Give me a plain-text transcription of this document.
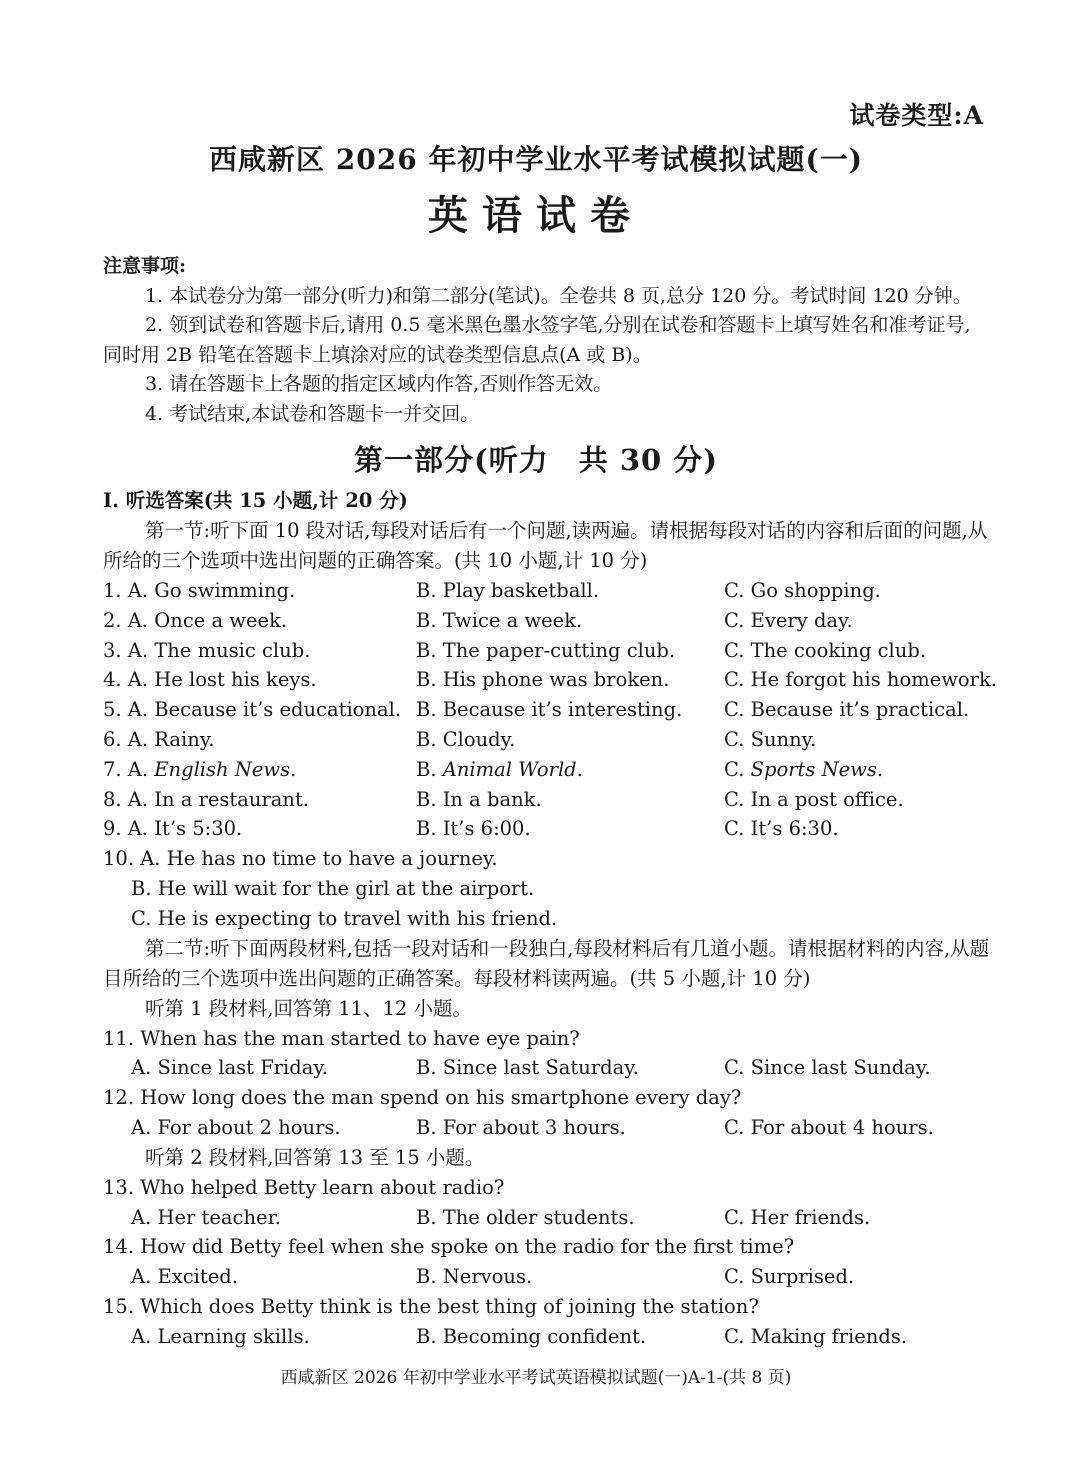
试卷类型:A
西咸新区 2026 年初中学业水平考试模拟试题(一)
英语试卷
注意事项:
1. 本试卷分为第一部分(听力)和第二部分(笔试)。全卷共 8 页,总分 120 分。考试时间 120 分钟。
2. 领到试卷和答题卡后,请用 0.5 毫米黑色墨水签字笔,分别在试卷和答题卡上填写姓名和准考证号,同时用 2B 铅笔在答题卡上填涂对应的试卷类型信息点(A 或 B)。
3. 请在答题卡上各题的指定区域内作答,否则作答无效。
4. 考试结束,本试卷和答题卡一并交回。
第一部分(听力　共 30 分)
Ⅰ. 听选答案(共 15 小题,计 20 分)
第一节:听下面 10 段对话,每段对话后有一个问题,读两遍。请根据每段对话的内容和后面的问题,从所给的三个选项中选出问题的正确答案。(共 10 小题,计 10 分)
1. A. Go swimming.	B. Play basketball.	C. Go shopping.
2. A. Once a week.	B. Twice a week.	C. Every day.
3. A. The music club.	B. The paper-cutting club.	C. The cooking club.
4. A. He lost his keys.	B. His phone was broken.	C. He forgot his homework.
5. A. Because it’s educational. B. Because it’s interesting. C. Because it’s practical.
6. A. Rainy.	B. Cloudy.	C. Sunny.
7. A. English News.	B. Animal World.	C. Sports News.
8. A. In a restaurant.	B. In a bank.	C. In a post office.
9. A. It’s 5:30.	B. It’s 6:00.	C. It’s 6:30.
10. A. He has no time to have a journey.
B. He will wait for the girl at the airport.
C. He is expecting to travel with his friend.
第二节:听下面两段材料,包括一段对话和一段独白,每段材料后有几道小题。请根据材料的内容,从题目所给的三个选项中选出问题的正确答案。每段材料读两遍。(共 5 小题,计 10 分)
听第 1 段材料,回答第 11、12 小题。
11. When has the man started to have eye pain?
A. Since last Friday.	B. Since last Saturday.	C. Since last Sunday.
12. How long does the man spend on his smartphone every day?
A. For about 2 hours.	B. For about 3 hours.	C. For about 4 hours.
听第 2 段材料,回答第 13 至 15 小题。
13. Who helped Betty learn about radio?
A. Her teacher.	B. The older students.	C. Her friends.
14. How did Betty feel when she spoke on the radio for the first time?
A. Excited.	B. Nervous.	C. Surprised.
15. Which does Betty think is the best thing of joining the station?
A. Learning skills.	B. Becoming confident.	C. Making friends.
西咸新区 2026 年初中学业水平考试英语模拟试题(一)A-1-(共 8 页)
